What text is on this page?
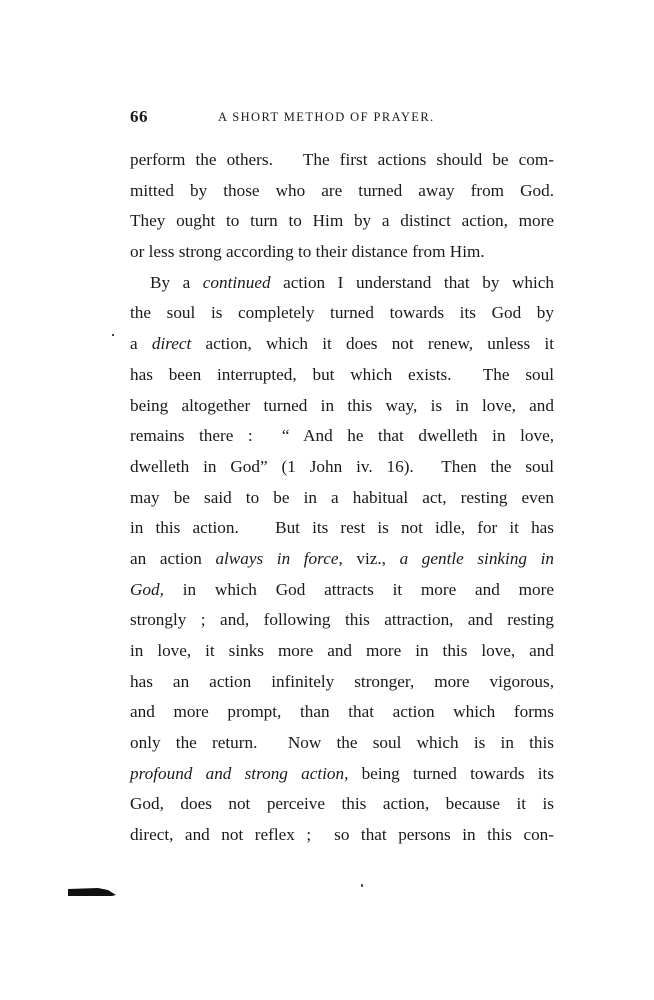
66	A SHORT METHOD OF PRAYER.
perform the others.   The first actions should be com-
mitted by those who are turned away from God.
They ought to turn to Him by a distinct action, more
or less strong according to their distance from Him.
By a continued action I understand that by which
the soul is completely turned towards its God by
a direct action, which it does not renew, unless it
has been interrupted, but which exists.  The soul
being altogether turned in this way, is in love, and
remains there :  “ And he that dwelleth in love,
dwelleth in God” (1 John iv. 16).  Then the soul
may be said to be in a habitual act, resting even
in this action.   But its rest is not idle, for it has
an action always in force, viz., a gentle sinking in
God, in which God attracts it more and more
strongly ; and, following this attraction, and resting
in love, it sinks more and more in this love, and
has an action infinitely stronger, more vigorous,
and more prompt, than that action which forms
only the return.  Now the soul which is in this
profound and strong action, being turned towards its
God, does not perceive this action, because it is
direct, and not reflex ;  so that persons in this con-
